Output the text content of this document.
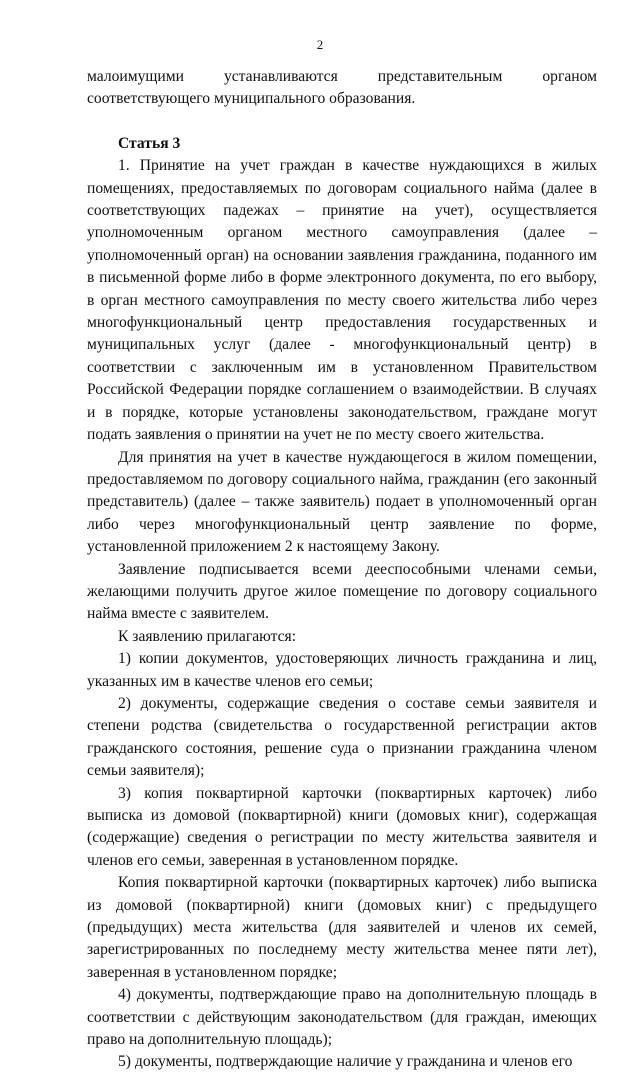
2

малоимущими устанавливаются представительным органом соответствующего муниципального образования.

Статья 3

1. Принятие на учет граждан в качестве нуждающихся в жилых помещениях, предоставляемых по договорам социального найма (далее в соответствующих падежах – принятие на учет), осуществляется уполномоченным органом местного самоуправления (далее – уполномоченный орган) на основании заявления гражданина, поданного им в письменной форме либо в форме электронного документа, по его выбору, в орган местного самоуправления по месту своего жительства либо через многофункциональный центр предоставления государственных и муниципальных услуг (далее - многофункциональный центр) в соответствии с заключенным им в установленном Правительством Российской Федерации порядке соглашением о взаимодействии. В случаях и в порядке, которые установлены законодательством, граждане могут подать заявления о принятии на учет не по месту своего жительства.

Для принятия на учет в качестве нуждающегося в жилом помещении, предоставляемом по договору социального найма, гражданин (его законный представитель) (далее – также заявитель) подает в уполномоченный орган либо через многофункциональный центр заявление по форме, установленной приложением 2 к настоящему Закону.

Заявление подписывается всеми дееспособными членами семьи, желающими получить другое жилое помещение по договору социального найма вместе с заявителем.

К заявлению прилагаются:

1) копии документов, удостоверяющих личность гражданина и лиц, указанных им в качестве членов его семьи;

2) документы, содержащие сведения о составе семьи заявителя и степени родства (свидетельства о государственной регистрации актов гражданского состояния, решение суда о признании гражданина членом семьи заявителя);

3) копия поквартирной карточки (поквартирных карточек) либо выписка из домовой (поквартирной) книги (домовых книг), содержащая (содержащие) сведения о регистрации по месту жительства заявителя и членов его семьи, заверенная в установленном порядке.

Копия поквартирной карточки (поквартирных карточек) либо выписка из домовой (поквартирной) книги (домовых книг) с предыдущего (предыдущих) места жительства (для заявителей и членов их семей, зарегистрированных по последнему месту жительства менее пяти лет), заверенная в установленном порядке;

4) документы, подтверждающие право на дополнительную площадь в соответствии с действующим законодательством (для граждан, имеющих право на дополнительную площадь);

5) документы, подтверждающие наличие у гражданина и членов его
